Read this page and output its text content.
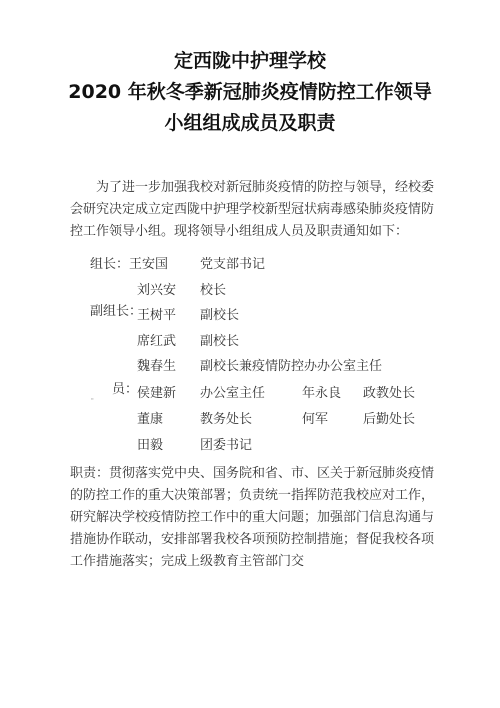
定西陇中护理学校
2020 年秋冬季新冠肺炎疫情防控工作领导
小组组成成员及职责
为了进一步加强我校对新冠肺炎疫情的防控与领导，经校委会研究决定成立定西陇中护理学校新型冠状病毒感染肺炎疫情防控工作领导小组。现将领导小组组成人员及职责通知如下：
组长：王安国 党支部书记
副组长：
刘兴安 校长
王树平 副校长
席红武 副校长
魏春生 副校长兼疫情防控办办公室主任
员：
"
侯建新 办公室主任	年永良 政教处长
董康	教务处长	何军	后勤处长
田毅	团委书记
职责：贯彻落实党中央、国务院和省、市、区关于新冠肺炎疫情的防控工作的重大决策部署；负责统一指挥防范我校应对工作，研究解决学校疫情防控工作中的重大问题；加强部门信息沟通与措施协作联动，安排部署我校各项预防控制措施；督促我校各项工作措施落实；完成上级教育主管部门交
